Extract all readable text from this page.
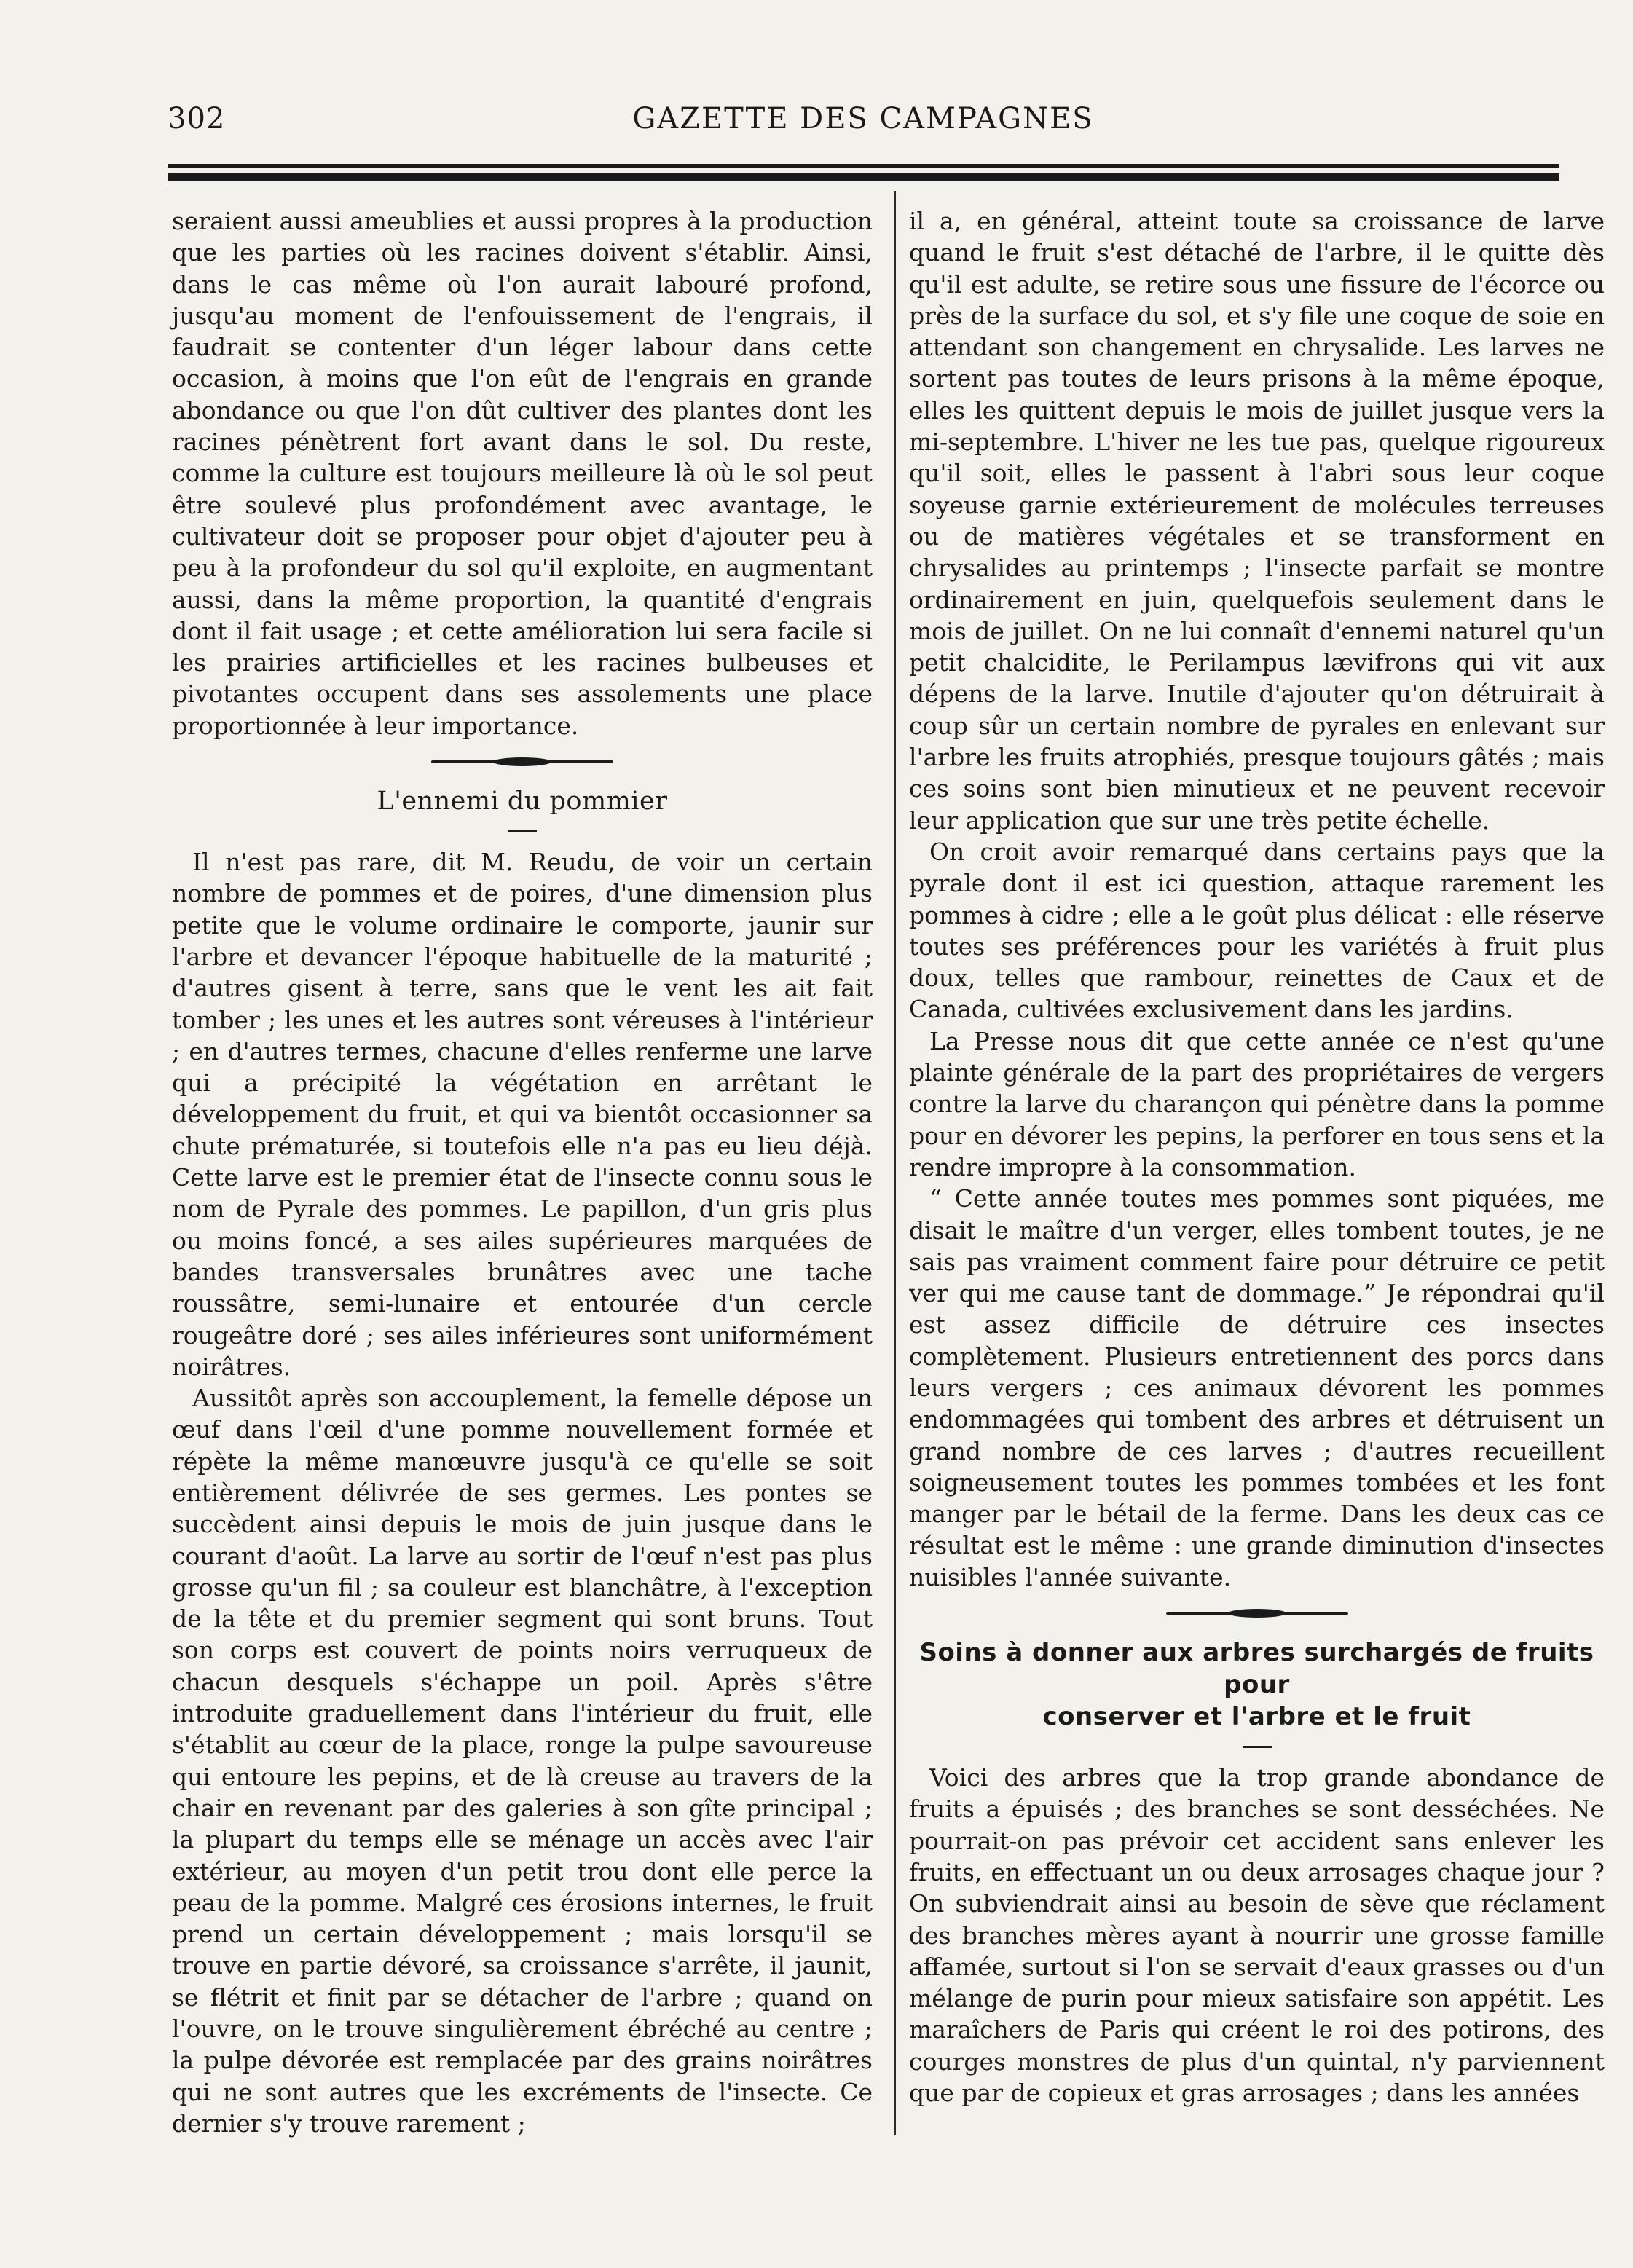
302	GAZETTE DES CAMPAGNES

seraient aussi ameublies et aussi propres à la production que les parties où les racines doivent s'établir. Ainsi, dans le cas même où l'on aurait labouré profond, jusqu'au moment de l'enfouissement de l'engrais, il faudrait se contenter d'un léger labour dans cette occasion, à moins que l'on eût de l'engrais en grande abondance ou que l'on dût cultiver des plantes dont les racines pénètrent fort avant dans le sol. Du reste, comme la culture est toujours meilleure là où le sol peut être soulevé plus profondément avec avantage, le cultivateur doit se proposer pour objet d'ajouter peu à peu à la profondeur du sol qu'il exploite, en augmentant aussi, dans la même proportion, la quantité d'engrais dont il fait usage ; et cette amélioration lui sera facile si les prairies artificielles et les racines bulbeuses et pivotantes occupent dans ses assolements une place proportionnée à leur importance.

L'ennemi du pommier

Il n'est pas rare, dit M. Reudu, de voir un certain nombre de pommes et de poires, d'une dimension plus petite que le volume ordinaire le comporte, jaunir sur l'arbre et devancer l'époque habituelle de la maturité ; d'autres gisent à terre, sans que le vent les ait fait tomber ; les unes et les autres sont véreuses à l'intérieur ; en d'autres termes, chacune d'elles renferme une larve qui a précipité la végétation en arrêtant le développement du fruit, et qui va bientôt occasionner sa chute prématurée, si toutefois elle n'a pas eu lieu déjà. Cette larve est le premier état de l'insecte connu sous le nom de Pyrale des pommes. Le papillon, d'un gris plus ou moins foncé, a ses ailes supérieures marquées de bandes transversales brunâtres avec une tache roussâtre, semi-lunaire et entourée d'un cercle rougeâtre doré ; ses ailes inférieures sont uniformément noirâtres.

Aussitôt après son accouplement, la femelle dépose un œuf dans l'œil d'une pomme nouvellement formée et répète la même manœuvre jusqu'à ce qu'elle se soit entièrement délivrée de ses germes. Les pontes se succèdent ainsi depuis le mois de juin jusque dans le courant d'août. La larve au sortir de l'œuf n'est pas plus grosse qu'un fil ; sa couleur est blanchâtre, à l'exception de la tête et du premier segment qui sont bruns. Tout son corps est couvert de points noirs verruqueux de chacun desquels s'échappe un poil. Après s'être introduite graduellement dans l'intérieur du fruit, elle s'établit au cœur de la place, ronge la pulpe savoureuse qui entoure les pepins, et de là creuse au travers de la chair en revenant par des galeries à son gîte principal ; la plupart du temps elle se ménage un accès avec l'air extérieur, au moyen d'un petit trou dont elle perce la peau de la pomme. Malgré ces érosions internes, le fruit prend un certain développement ; mais lorsqu'il se trouve en partie dévoré, sa croissance s'arrête, il jaunit, se flétrit et finit par se détacher de l'arbre ; quand on l'ouvre, on le trouve singulièrement ébréché au centre ; la pulpe dévorée est remplacée par des grains noirâtres qui ne sont autres que les excréments de l'insecte. Ce dernier s'y trouve rarement ;

il a, en général, atteint toute sa croissance de larve quand le fruit s'est détaché de l'arbre, il le quitte dès qu'il est adulte, se retire sous une fissure de l'écorce ou près de la surface du sol, et s'y file une coque de soie en attendant son changement en chrysalide. Les larves ne sortent pas toutes de leurs prisons à la même époque, elles les quittent depuis le mois de juillet jusque vers la mi-septembre. L'hiver ne les tue pas, quelque rigoureux qu'il soit, elles le passent à l'abri sous leur coque soyeuse garnie extérieurement de molécules terreuses ou de matières végétales et se transforment en chrysalides au printemps ; l'insecte parfait se montre ordinairement en juin, quelquefois seulement dans le mois de juillet. On ne lui connaît d'ennemi naturel qu'un petit chalcidite, le Perilampus lævifrons qui vit aux dépens de la larve. Inutile d'ajouter qu'on détruirait à coup sûr un certain nombre de pyrales en enlevant sur l'arbre les fruits atrophiés, presque toujours gâtés ; mais ces soins sont bien minutieux et ne peuvent recevoir leur application que sur une très petite échelle.

On croit avoir remarqué dans certains pays que la pyrale dont il est ici question, attaque rarement les pommes à cidre ; elle a le goût plus délicat : elle réserve toutes ses préférences pour les variétés à fruit plus doux, telles que rambour, reinettes de Caux et de Canada, cultivées exclusivement dans les jardins.

La Presse nous dit que cette année ce n'est qu'une plainte générale de la part des propriétaires de vergers contre la larve du charançon qui pénètre dans la pomme pour en dévorer les pepins, la perforer en tous sens et la rendre impropre à la consommation.

“ Cette année toutes mes pommes sont piquées, me disait le maître d'un verger, elles tombent toutes, je ne sais pas vraiment comment faire pour détruire ce petit ver qui me cause tant de dommage.” Je répondrai qu'il est assez difficile de détruire ces insectes complètement. Plusieurs entretiennent des porcs dans leurs vergers ; ces animaux dévorent les pommes endommagées qui tombent des arbres et détruisent un grand nombre de ces larves ; d'autres recueillent soigneusement toutes les pommes tombées et les font manger par le bétail de la ferme. Dans les deux cas ce résultat est le même : une grande diminution d'insectes nuisibles l'année suivante.

Soins à donner aux arbres surchargés de fruits pour
conserver et l'arbre et le fruit

Voici des arbres que la trop grande abondance de fruits a épuisés ; des branches se sont desséchées. Ne pourrait-on pas prévoir cet accident sans enlever les fruits, en effectuant un ou deux arrosages chaque jour ? On subviendrait ainsi au besoin de sève que réclament des branches mères ayant à nourrir une grosse famille affamée, surtout si l'on se servait d'eaux grasses ou d'un mélange de purin pour mieux satisfaire son appétit. Les maraîchers de Paris qui créent le roi des potirons, des courges monstres de plus d'un quintal, n'y parviennent que par de copieux et gras arrosages ; dans les années
